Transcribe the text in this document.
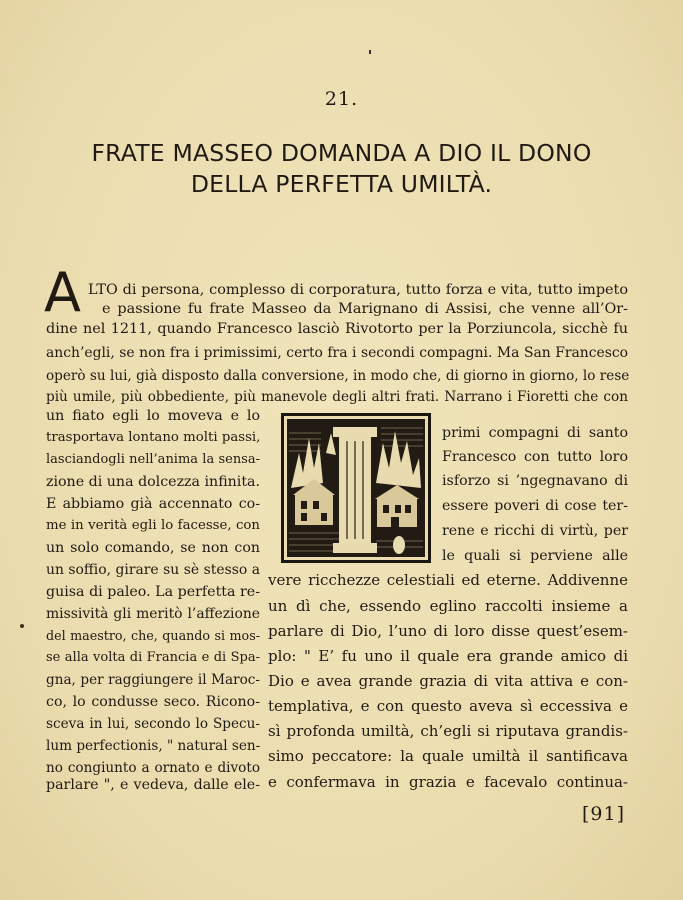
21.
FRATE MASSEO DOMANDA A DIO IL DONO
DELLA PERFETTA UMILTÀ.
A LTO di persona, complesso di corporatura, tutto forza e vita, tutto impeto
e passione fu frate Masseo da Marignano di Assisi, che venne all’Or-
dine nel 1211, quando Francesco lasciò Rivotorto per la Porziuncola, sicchè fu
anch’egli, se non fra i primissimi, certo fra i secondi compagni. Ma San Francesco
operò su lui, già disposto dalla conversione, in modo che, di giorno in giorno, lo rese
più umile, più obbediente, più manevole degli altri frati. Narrano i Fioretti che con
un fiato egli lo moveva e lo
trasportava lontano molti passi,
lasciandogli nell’anima la sensa-
zione di una dolcezza infinita.
E abbiamo già accennato co-
me in verità egli lo facesse, con
un solo comando, se non con
un soffio, girare su sè stesso a
guisa di paleo. La perfetta re-
missività gli meritò l’affezione
del maestro, che, quando si mos-
se alla volta di Francia e di Spa-
gna, per raggiungere il Maroc-
co, lo condusse seco. Ricono-
sceva in lui, secondo lo Specu-
lum perfectionis, " natural sen-
no congiunto a ornato e divoto
parlare ", e vedeva, dalle ele-
primi compagni di santo
Francesco con tutto loro
isforzo si ’ngegnavano di
essere poveri di cose ter-
rene e ricchi di virtù, per
le quali si perviene alle
vere ricchezze celestiali ed eterne. Addivenne
un dì che, essendo eglino raccolti insieme a
parlare di Dio, l’uno di loro disse quest’esem-
plo: " E’ fu uno il quale era grande amico di
Dio e avea grande grazia di vita attiva e con-
templativa, e con questo aveva sì eccessiva e
sì profonda umiltà, ch’egli si riputava grandis-
simo peccatore: la quale umiltà il santificava
e confermava in grazia e facevalo continua-
[91]
